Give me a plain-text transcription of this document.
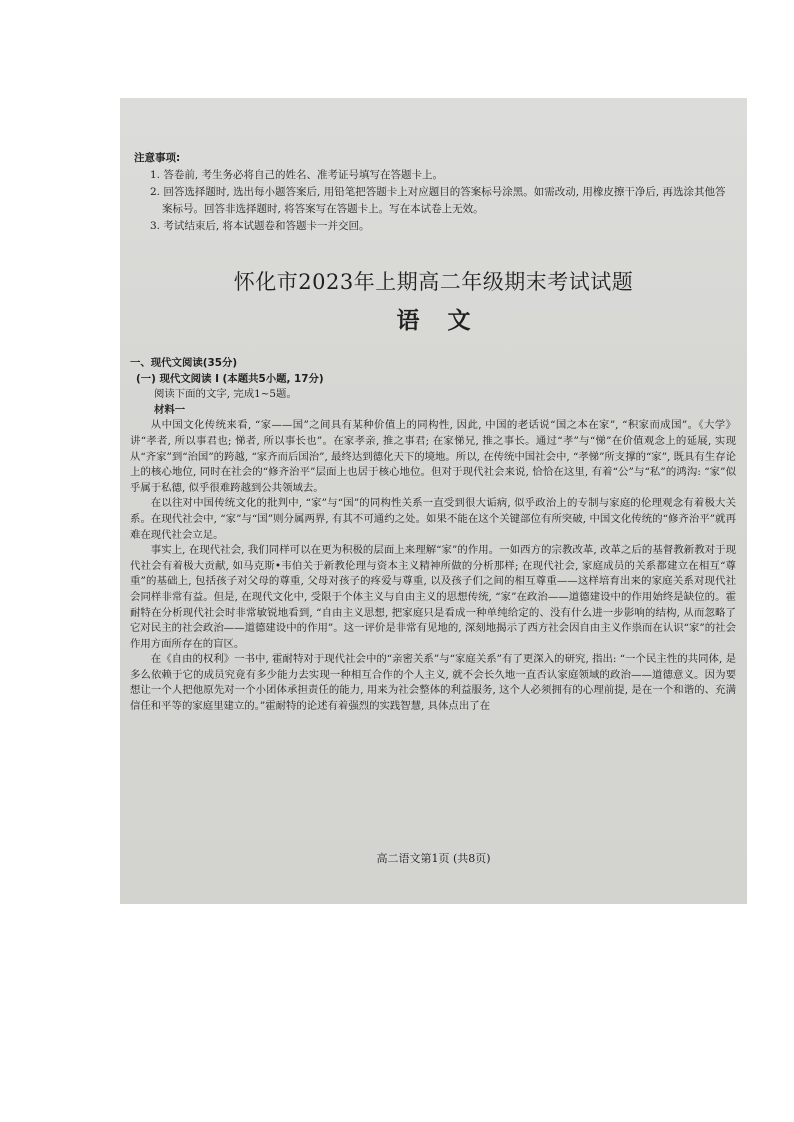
注意事项:
1. 答卷前, 考生务必将自己的姓名、准考证号填写在答题卡上。
2. 回答选择题时, 选出每小题答案后, 用铅笔把答题卡上对应题目的答案标号涂黑。如需改动, 用橡皮擦干净后, 再选涂其他答案标号。回答非选择题时, 将答案写在答题卡上。写在本试卷上无效。
3. 考试结束后, 将本试题卷和答题卡一并交回。
怀化市2023年上期高二年级期末考试试题
语文
一、现代文阅读(35分)
(一) 现代文阅读 I (本题共5小题, 17分)
阅读下面的文字, 完成1~5题。
材料一

从中国文化传统来看, “家——国”之间具有某种价值上的同构性, 因此, 中国的老话说“国之本在家”, “积家而成国”。《大学》讲“孝者, 所以事君也; 悌者, 所以事长也”。在家孝亲, 推之事君; 在家悌兄, 推之事长。通过“孝”与“悌”在价值观念上的延展, 实现从“齐家”到“治国”的跨越, “家齐而后国治”, 最终达到德化天下的境地。所以, 在传统中国社会中, “孝悌”所支撑的“家”, 既具有生存论上的核心地位, 同时在社会的“修齐治平”层面上也居于核心地位。但对于现代社会来说, 恰恰在这里, 有着“公”与“私”的鸿沟: “家”似乎属于私德, 似乎很难跨越到公共领域去。

在以往对中国传统文化的批判中, “家”与“国”的同构性关系一直受到很大诟病, 似乎政治上的专制与家庭的伦理观念有着极大关系。在现代社会中, “家”与“国”则分属两界, 有其不可通约之处。如果不能在这个关键部位有所突破, 中国文化传统的“修齐治平”就再难在现代社会立足。

事实上, 在现代社会, 我们同样可以在更为积极的层面上来理解“家”的作用。一如西方的宗教改革, 改革之后的基督教新教对于现代社会有着极大贡献, 如马克斯•韦伯关于新教伦理与资本主义精神所做的分析那样; 在现代社会, 家庭成员的关系都建立在相互“尊重”的基础上, 包括孩子对父母的尊重, 父母对孩子的疼爱与尊重, 以及孩子们之间的相互尊重——这样培育出来的家庭关系对现代社会同样非常有益。但是, 在现代文化中, 受限于个体主义与自由主义的思想传统, “家”在政治——道德建设中的作用始终是缺位的。霍耐特在分析现代社会时非常敏锐地看到, “自由主义思想, 把家庭只是看成一种单纯给定的、没有什么进一步影响的结构, 从而忽略了它对民主的社会政治——道德建设中的作用”。这一评价是非常有见地的, 深刻地揭示了西方社会因自由主义作祟而在认识“家”的社会作用方面所存在的盲区。

在《自由的权利》一书中, 霍耐特对于现代社会中的“亲密关系”与“家庭关系”有了更深入的研究, 指出: “一个民主性的共同体, 是多么依赖于它的成员究竟有多少能力去实现一种相互合作的个人主义, 就不会长久地一直否认家庭领域的政治——道德意义。因为要想让一个人把他原先对一个小团体承担责任的能力, 用来为社会整体的利益服务, 这个人必须拥有的心理前提, 是在一个和谐的、充满信任和平等的家庭里建立的。”霍耐特的论述有着强烈的实践智慧, 具体点出了在

高二语文第1页 (共8页)
